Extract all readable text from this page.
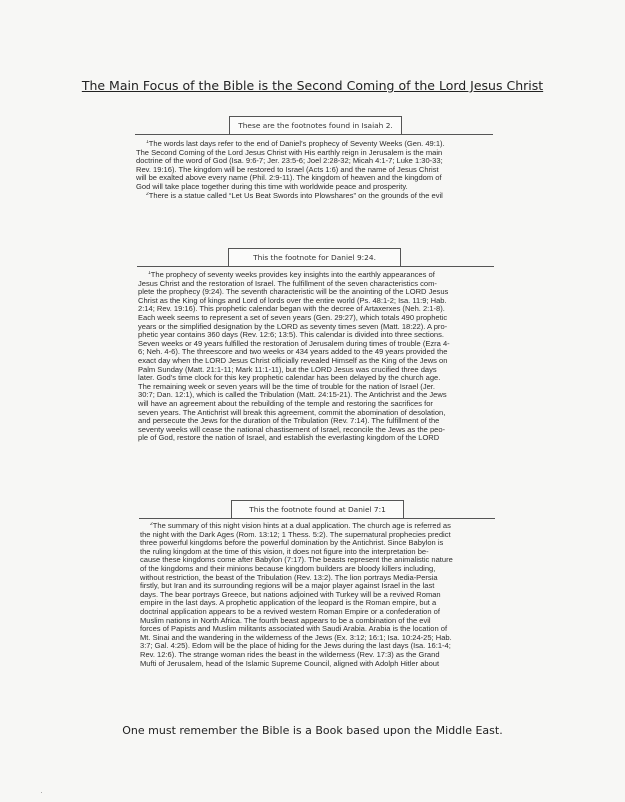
The Main Focus of the Bible is the Second Coming of the Lord Jesus Christ
These are the footnotes found in Isaiah 2.
$^1$The words last days refer to the end of Daniel’s prophecy of Seventy Weeks (Gen. 49:1).
The Second Coming of the Lord Jesus Christ with His earthly reign in Jerusalem is the main
doctrine of the word of God (Isa. 9:6-7; Jer. 23:5-6; Joel 2:28-32; Micah 4:1-7; Luke 1:30-33;
Rev. 19:16). The kingdom will be restored to Israel (Acts 1:6) and the name of Jesus Christ
will be exalted above every name (Phil. 2:9-11). The kingdom of heaven and the kingdom of
God will take place together during this time with worldwide peace and prosperity.
$^2$There is a statue called “Let Us Beat Swords into Plowshares” on the grounds of the evil
This the footnote for Daniel 9:24.
$^1$The prophecy of seventy weeks provides key insights into the earthly appearances of
Jesus Christ and the restoration of Israel. The fulfillment of the seven characteristics com-
plete the prophecy (9:24). The seventh characteristic will be the anointing of the LORD Jesus
Christ as the King of kings and Lord of lords over the entire world (Ps. 48:1-2; Isa. 11:9; Hab.
2:14; Rev. 19:16). This prophetic calendar began with the decree of Artaxerxes (Neh. 2:1-8).
Each week seems to represent a set of seven years (Gen. 29:27), which totals 490 prophetic
years or the simplified designation by the LORD as seventy times seven (Matt. 18:22). A pro-
phetic year contains 360 days (Rev. 12:6; 13:5). This calendar is divided into three sections.
Seven weeks or 49 years fulfilled the restoration of Jerusalem during times of trouble (Ezra 4-
6; Neh. 4-6). The threescore and two weeks or 434 years added to the 49 years provided the
exact day when the LORD Jesus Christ officially revealed Himself as the King of the Jews on
Palm Sunday (Matt. 21:1-11; Mark 11:1-11), but the LORD Jesus was crucified three days
later. God’s time clock for this key prophetic calendar has been delayed by the church age.
The remaining week or seven years will be the time of trouble for the nation of Israel (Jer.
30:7; Dan. 12:1), which is called the Tribulation (Matt. 24:15-21). The Antichrist and the Jews
will have an agreement about the rebuilding of the temple and restoring the sacrifices for
seven years. The Antichrist will break this agreement, commit the abomination of desolation,
and persecute the Jews for the duration of the Tribulation (Rev. 7:14). The fulfillment of the
seventy weeks will cease the national chastisement of Israel, reconcile the Jews as the peo-
ple of God, restore the nation of Israel, and establish the everlasting kingdom of the LORD
This the footnote found at Daniel 7:1
$^2$The summary of this night vision hints at a dual application. The church age is referred as
the night with the Dark Ages (Rom. 13:12; 1 Thess. 5:2). The supernatural prophecies predict
three powerful kingdoms before the powerful domination by the Antichrist. Since Babylon is
the ruling kingdom at the time of this vision, it does not figure into the interpretation be-
cause these kingdoms come after Babylon (7:17). The beasts represent the animalistic nature
of the kingdoms and their minions because kingdom builders are bloody killers including,
without restriction, the beast of the Tribulation (Rev. 13:2). The lion portrays Media-Persia
firstly, but Iran and its surrounding regions will be a major player against Israel in the last
days. The bear portrays Greece, but nations adjoined with Turkey will be a revived Roman
empire in the last days. A prophetic application of the leopard is the Roman empire, but a
doctrinal application appears to be a revived western Roman Empire or a confederation of
Muslim nations in North Africa. The fourth beast appears to be a combination of the evil
forces of Papists and Muslim militants associated with Saudi Arabia. Arabia is the location of
Mt. Sinai and the wandering in the wilderness of the Jews (Ex. 3:12; 16:1; Isa. 10:24-25; Hab.
3:7; Gal. 4:25). Edom will be the place of hiding for the Jews during the last days (Isa. 16:1-4;
Rev. 12:6). The strange woman rides the beast in the wilderness (Rev. 17:3) as the Grand
Mufti of Jerusalem, head of the Islamic Supreme Council, aligned with Adolph Hitler about
One must remember the Bible is a Book based upon the Middle East.
